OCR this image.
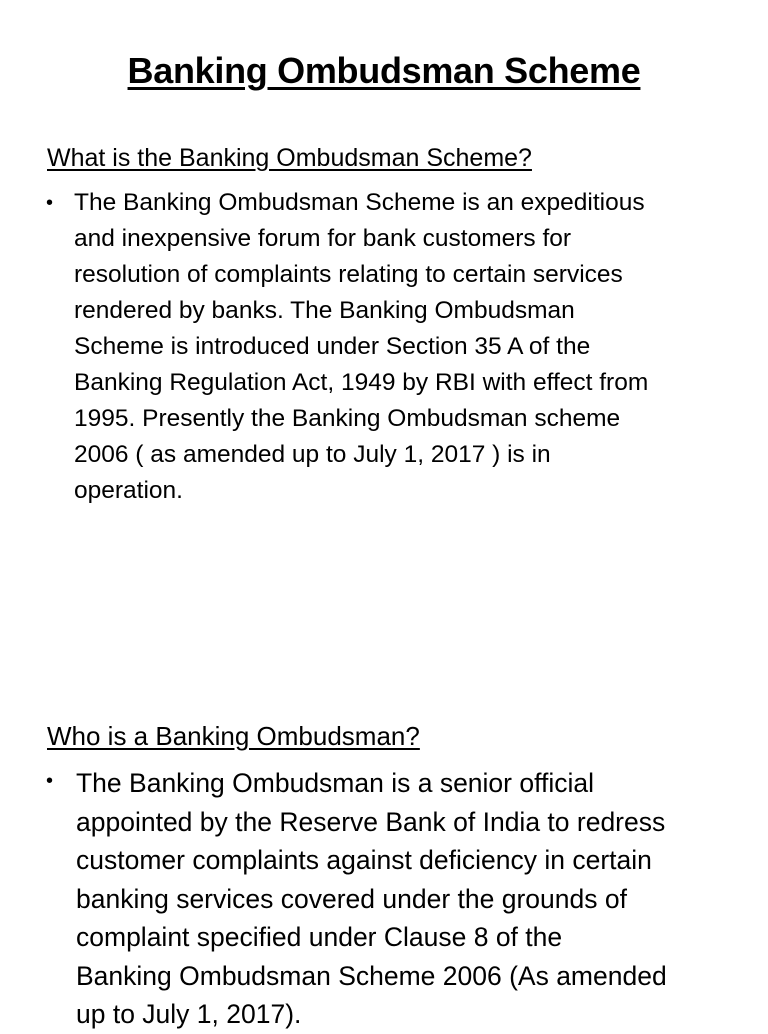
Banking Ombudsman Scheme
What is the Banking Ombudsman Scheme?
• The Banking Ombudsman Scheme is an expeditious
and inexpensive forum for bank customers for
resolution of complaints relating to certain services
rendered by banks. The Banking Ombudsman
Scheme is introduced under Section 35 A of the
Banking Regulation Act, 1949 by RBI with effect from
1995. Presently the Banking Ombudsman scheme
2006 ( as amended up to July 1, 2017 ) is in
operation.

Who is a Banking Ombudsman?
• The Banking Ombudsman is a senior official
appointed by the Reserve Bank of India to redress
customer complaints against deficiency in certain
banking services covered under the grounds of
complaint specified under Clause 8 of the
Banking Ombudsman Scheme 2006 (As amended
up to July 1, 2017).
